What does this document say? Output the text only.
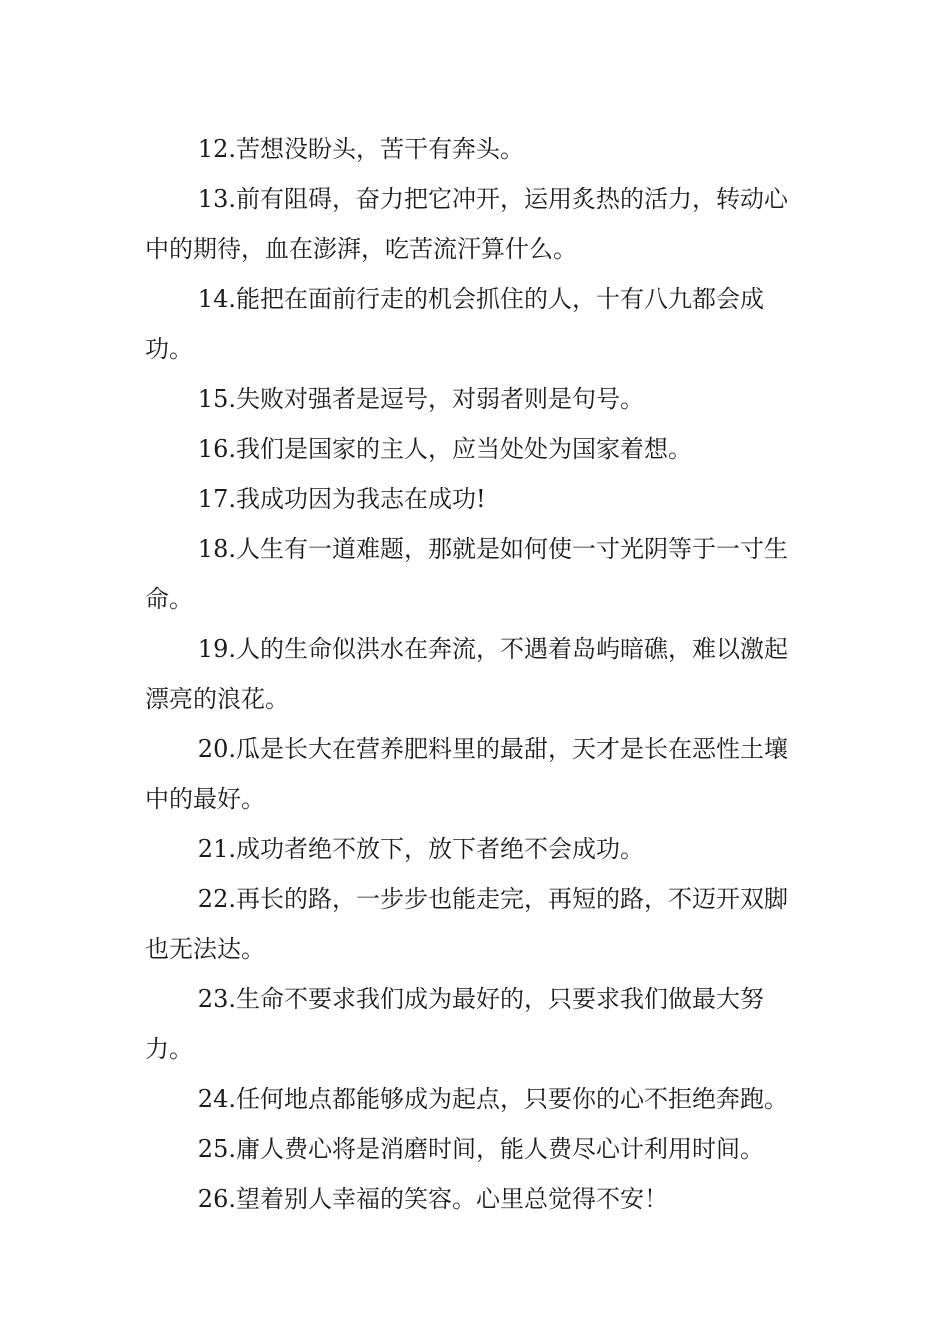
12.苦想没盼头，苦干有奔头。

13.前有阻碍，奋力把它冲开，运用炙热的活力，转动心中的期待，血在澎湃，吃苦流汗算什么。

14.能把在面前行走的机会抓住的人，十有八九都会成功。

15.失败对强者是逗号，对弱者则是句号。

16.我们是国家的主人，应当处处为国家着想。

17.我成功因为我志在成功!

18.人生有一道难题，那就是如何使一寸光阴等于一寸生命。

19.人的生命似洪水在奔流，不遇着岛屿暗礁，难以激起漂亮的浪花。

20.瓜是长大在营养肥料里的最甜，天才是长在恶性土壤中的最好。

21.成功者绝不放下，放下者绝不会成功。

22.再长的路，一步步也能走完，再短的路，不迈开双脚也无法达。

23.生命不要求我们成为最好的，只要求我们做最大努力。

24.任何地点都能够成为起点，只要你的心不拒绝奔跑。

25.庸人费心将是消磨时间，能人费尽心计利用时间。

26.望着别人幸福的笑容。心里总觉得不安！
